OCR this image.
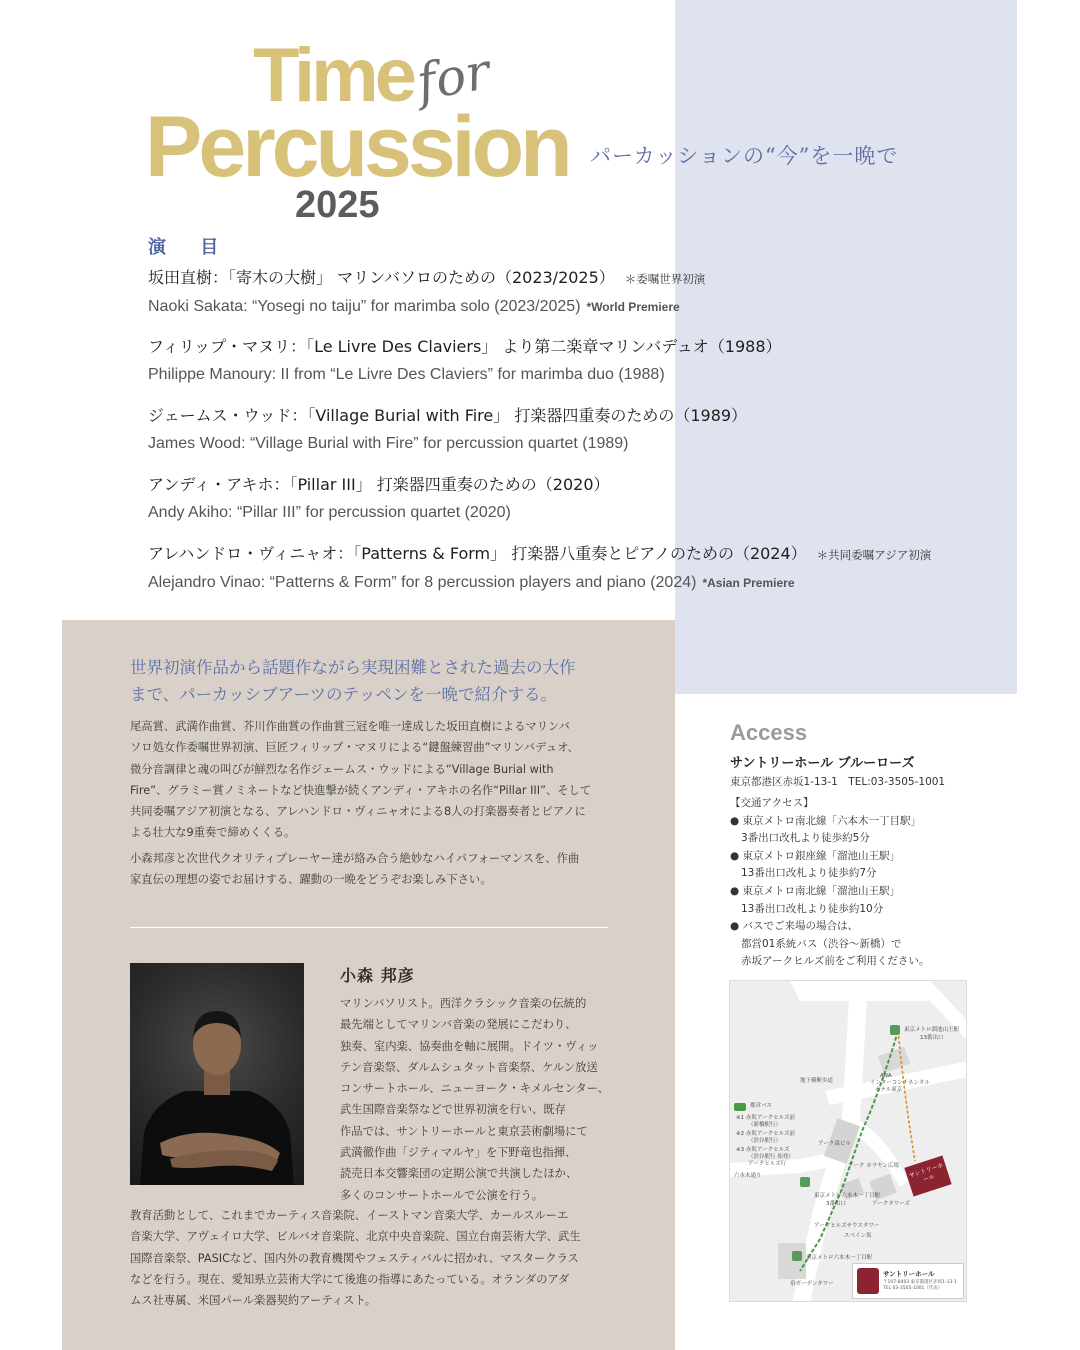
Time for
Percussion
2025
パーカッションの“今”を一晩で
演 目
坂田直樹：「寄木の大樹」 マリンバソロのための（2023/2025） ＊委嘱世界初演
Naoki Sakata: “Yosegi no taiju” for marimba solo (2023/2025) *World Premiere
フィリップ・マヌリ：「Le Livre Des Claviers」 より第二楽章マリンバデュオ（1988）
Philippe Manoury: II from “Le Livre Des Claviers” for marimba duo (1988)
ジェームス・ウッド：「Village Burial with Fire」 打楽器四重奏のための（1989）
James Wood: “Village Burial with Fire” for percussion quartet (1989)
アンディ・アキホ：「Pillar III」 打楽器四重奏のための（2020）
Andy Akiho: “Pillar III” for percussion quartet (2020)
アレハンドロ・ヴィニャオ：「Patterns & Form」 打楽器八重奏とピアノのための（2024） ＊共同委嘱アジア初演
Alejandro Vinao: “Patterns & Form” for 8 percussion players and piano (2024) *Asian Premiere
世界初演作品から話題作ながら実現困難とされた過去の大作
まで、パーカッシブアーツのテッペンを一晩で紹介する。
尾高賞、武満作曲賞、芥川作曲賞の作曲賞三冠を唯一達成した坂田直樹によるマリンバ
ソロ処女作委嘱世界初演、巨匠フィリップ・マヌリによる“鍵盤練習曲”マリンバデュオ、
微分音調律と魂の叫びが鮮烈な名作ジェームス・ウッドによる“Village Burial with
Fire”、グラミー賞ノミネートなど快進撃が続くアンディ・アキホの名作“Pillar III”、そして
共同委嘱アジア初演となる、アレハンドロ・ヴィニャオによる8人の打楽器奏者とピアノに
よる壮大な9重奏で締めくくる。
小森邦彦と次世代クオリティプレーヤー達が絡み合う絶妙なハイパフォーマンスを、作曲
家直伝の理想の姿でお届けする、躍動の一晩をどうぞお楽しみ下さい。
小森 邦彦
マリンバソリスト。西洋クラシック音楽の伝統的
最先端としてマリンバ音楽の発展にこだわり、
独奏、室内楽、協奏曲を軸に展開。ドイツ・ヴィッ
テン音楽祭、ダルムシュタット音楽祭、ケルン放送
コンサートホール、ニューヨーク・キメルセンター、
武生国際音楽祭などで世界初演を行い、既存
作品では、サントリーホールと東京芸術劇場にて
武満徹作曲「ジティマルヤ」を下野竜也指揮、
読売日本交響楽団の定期公演で共演したほか、
多くのコンサートホールで公演を行う。
教育活動として、これまでカーティス音楽院、イーストマン音楽大学、カールスルーエ
音楽大学、アヴェイロ大学、ビルバオ音楽院、北京中央音楽院、国立台南芸術大学、武生
国際音楽祭、PASICなど、国内外の教育機関やフェスティバルに招かれ、マスタークラス
などを行う。現在、愛知県立芸術大学にて後進の指導にあたっている。オランダのアダ
ムス社専属、米国パール楽器契約アーティスト。
Access
サントリーホール ブルーローズ
東京都港区赤坂1-13-1　TEL:03-3505-1001
【交通アクセス】
● 東京メトロ南北線「六本木一丁目駅」
3番出口改札より徒歩約5分
● 東京メトロ銀座線「溜池山王駅」
13番出口改札より徒歩約7分
● 東京メトロ南北線「溜池山王駅」
13番出口改札より徒歩約10分
● バスでご来場の場合は、
都営01系統バス（渋谷～新橋）で
赤坂アークヒルズ前をご利用ください。
東京メトロ溜池山王駅
13番出口
地下横断歩道
ANA
インターコンチネンタル
ホテル東京
都営バス
※1 赤坂アークヒルズ前
（新橋駅行）
※2 赤坂アークヒルズ前
（渋谷駅行）
※3 赤坂アークヒルズ
（渋谷駅行 始発）
アークヒルズ行
アーク森ビル
アーク カラヤン広場
六本木通り
東京メトロ六本木一丁目駅
3番出口	アークタワーズ
アークヒルズサウスタワー
スペイン坂
東京メトロ六本木一丁目駅
泉ガーデンタワー
サントリーホール
サントリーホール
〒107-8403 東京都港区赤坂1-13-1
TEL 03-3505-1001（代表）
